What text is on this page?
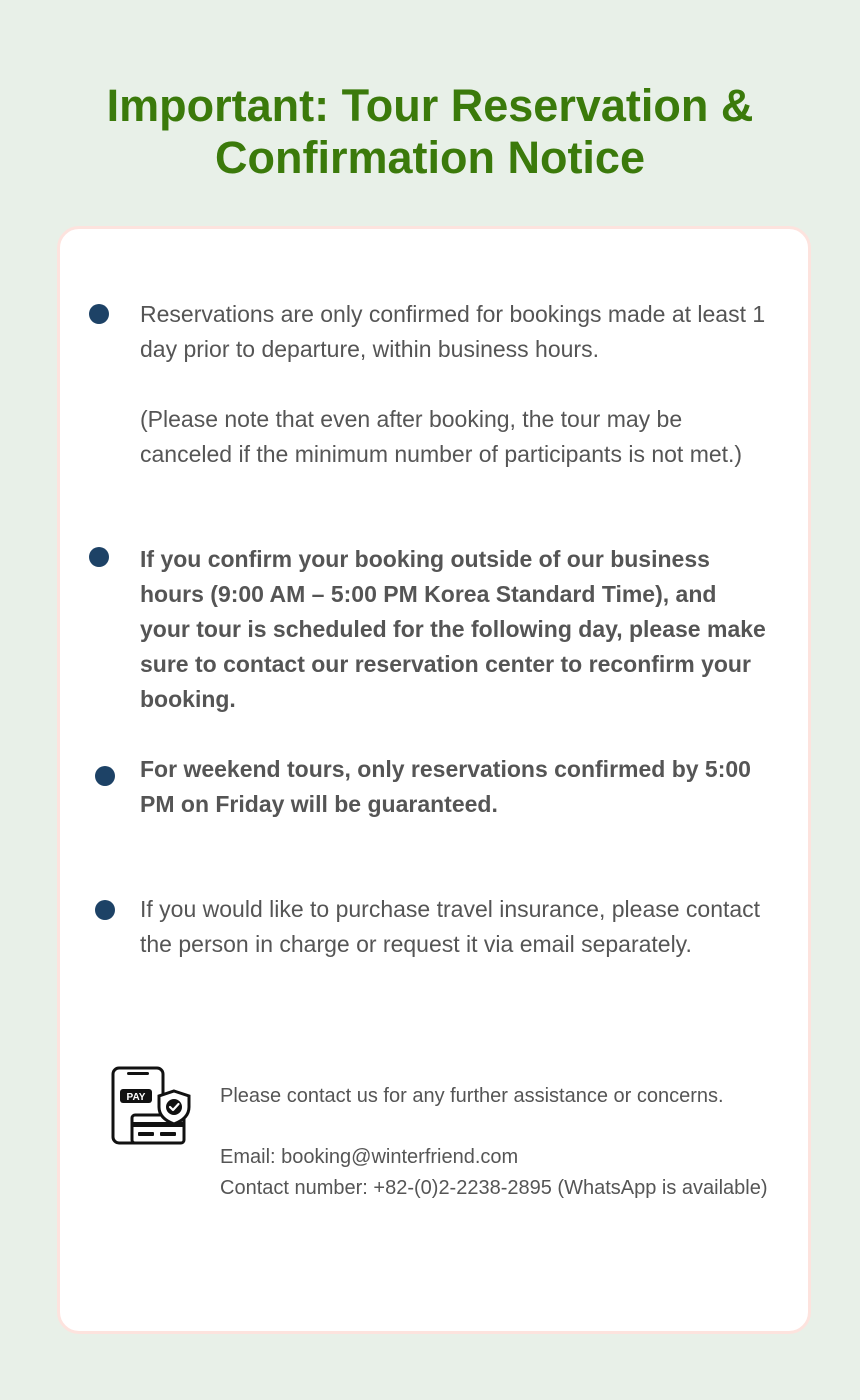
Important: Tour Reservation &
Confirmation Notice

Reservations are only confirmed for bookings made at least 1 day prior to departure, within business hours.
(Please note that even after booking, the tour may be canceled if the minimum number of participants is not met.)

If you confirm your booking outside of our business hours (9:00 AM – 5:00 PM Korea Standard Time), and your tour is scheduled for the following day, please make sure to contact our reservation center to reconfirm your booking.

For weekend tours, only reservations confirmed by 5:00 PM on Friday will be guaranteed.

If you would like to purchase travel insurance, please contact the person in charge or request it via email separately.

PAY	Please contact us for any further assistance or concerns.
Email: booking@winterfriend.com
Contact number: +82-(0)2-2238-2895 (WhatsApp is available)
